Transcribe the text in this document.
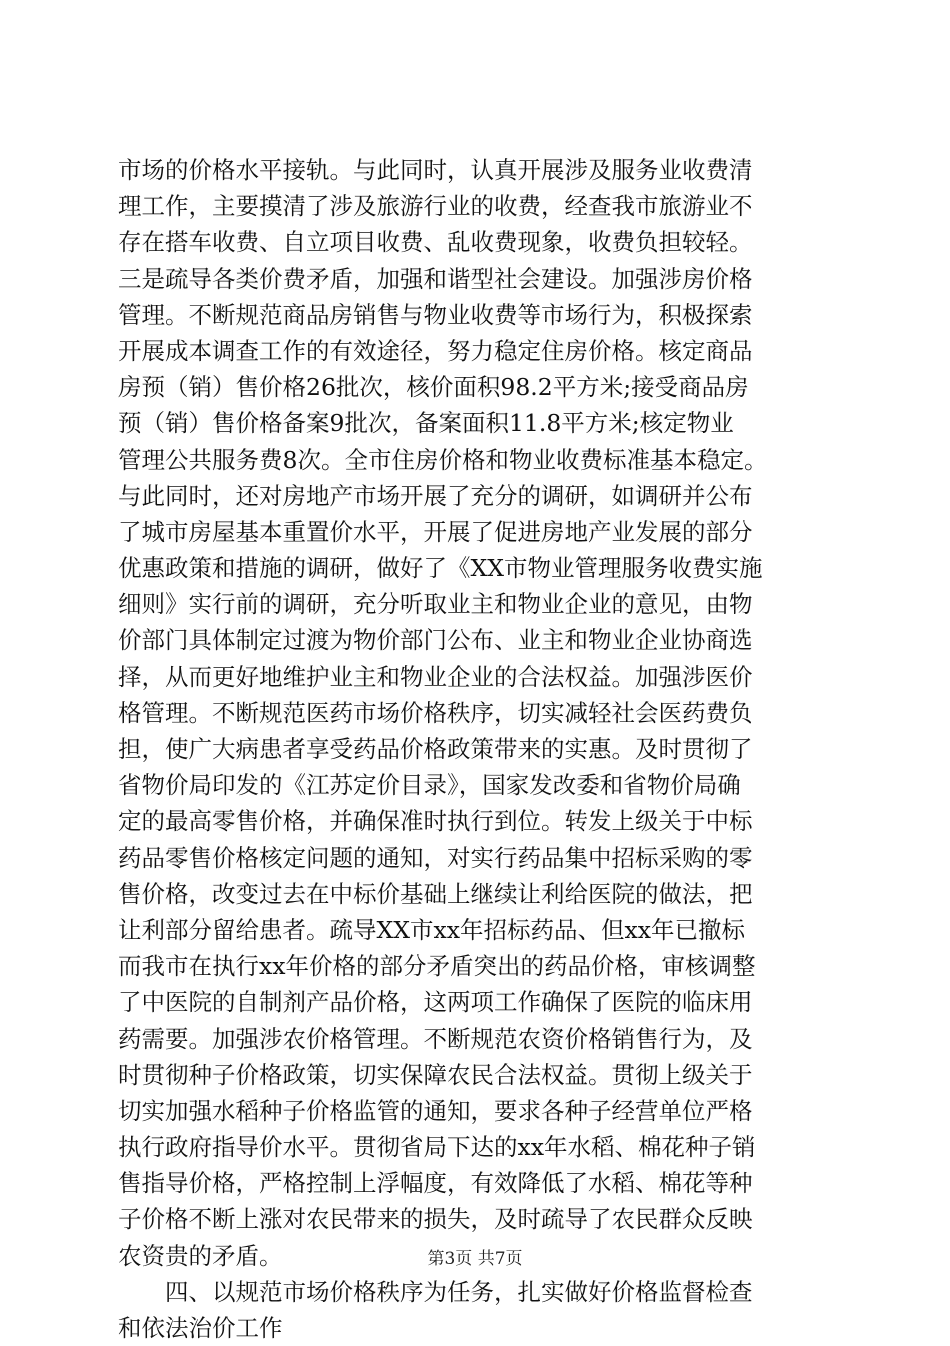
市场的价格水平接轨。与此同时，认真开展涉及服务业收费清
理工作，主要摸清了涉及旅游行业的收费，经查我市旅游业不
存在搭车收费、自立项目收费、乱收费现象，收费负担较轻。
三是疏导各类价费矛盾，加强和谐型社会建设。加强涉房价格
管理。不断规范商品房销售与物业收费等市场行为，积极探索
开展成本调查工作的有效途径，努力稳定住房价格。核定商品
房预（销）售价格26批次，核价面积98.2平方米;接受商品房
预（销）售价格备案9批次，备案面积11.8平方米;核定物业
管理公共服务费8次。全市住房价格和物业收费标准基本稳定。
与此同时，还对房地产市场开展了充分的调研，如调研并公布
了城市房屋基本重置价水平，开展了促进房地产业发展的部分
优惠政策和措施的调研，做好了《XX市物业管理服务收费实施
细则》实行前的调研，充分听取业主和物业企业的意见，由物
价部门具体制定过渡为物价部门公布、业主和物业企业协商选
择，从而更好地维护业主和物业企业的合法权益。加强涉医价
格管理。不断规范医药市场价格秩序，切实减轻社会医药费负
担，使广大病患者享受药品价格政策带来的实惠。及时贯彻了
省物价局印发的《江苏定价目录》，国家发改委和省物价局确
定的最高零售价格，并确保准时执行到位。转发上级关于中标
药品零售价格核定问题的通知，对实行药品集中招标采购的零
售价格，改变过去在中标价基础上继续让利给医院的做法，把
让利部分留给患者。疏导XX市xx年招标药品、但xx年已撤标
而我市在执行xx年价格的部分矛盾突出的药品价格，审核调整
了中医院的自制剂产品价格，这两项工作确保了医院的临床用
药需要。加强涉农价格管理。不断规范农资价格销售行为，及
时贯彻种子价格政策，切实保障农民合法权益。贯彻上级关于
切实加强水稻种子价格监管的通知，要求各种子经营单位严格
执行政府指导价水平。贯彻省局下达的xx年水稻、棉花种子销
售指导价格，严格控制上浮幅度，有效降低了水稻、棉花等种
子价格不断上涨对农民带来的损失，及时疏导了农民群众反映
农资贵的矛盾。
四、以规范市场价格秩序为任务，扎实做好价格监督检查
和依法治价工作
第3页 共7页
